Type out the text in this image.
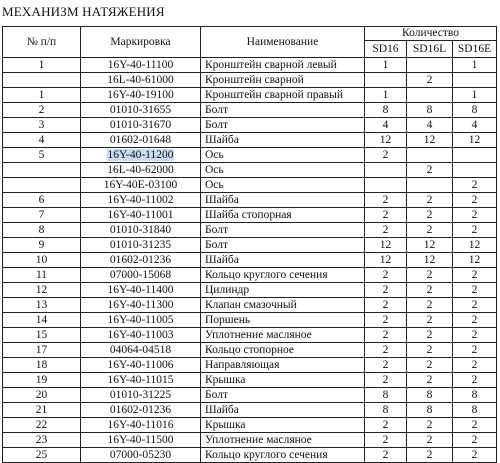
МЕХАНИЗМ НАТЯЖЕНИЯ
№ п/п	Маркировка	Наименование	Количество		
			SD16	SD16L	SD16E
1	16Y-40-11100	Кронштейн сварной левый	1		1
	16L-40-61000	Кронштейн сварной		2	
1	16Y-40-19100	Кронштейн сварной правый	1		1
2	01010-31655	Болт	8	8	8
3	01010-31670	Болт	4	4	4
4	01602-01648	Шайба	12	12	12
5	16Y-40-11200	Ось	2		
	16L-40-62000	Ось		2	
	16Y-40E-03100	Ось			2
6	16Y-40-11002	Шайба	2	2	2
7	16Y-40-11001	Шайба стопорная	2	2	2
8	01010-31840	Болт	2	2	2
9	01010-31235	Болт	12	12	12
10	01602-01236	Шайба	12	12	12
11	07000-15068	Кольцо круглого сечения	2	2	2
12	16Y-40-11400	Цилиндр	2	2	2
13	16Y-40-11300	Клапан смазочный	2	2	2
14	16Y-40-11005	Поршень	2	2	2
15	16Y-40-11003	Уплотнение масляное	2	2	2
17	04064-04518	Кольцо стопорное	2	2	2
18	16Y-40-11006	Направляющая	2	2	2
19	16Y-40-11015	Крышка	2	2	2
20	01010-31225	Болт	8	8	8
21	01602-01236	Шайба	8	8	8
22	16Y-40-11016	Крышка	2	2	2
23	16Y-40-11500	Уплотнение масляное	2	2	2
25	07000-05230	Кольцо круглого сечения	2	2	2
